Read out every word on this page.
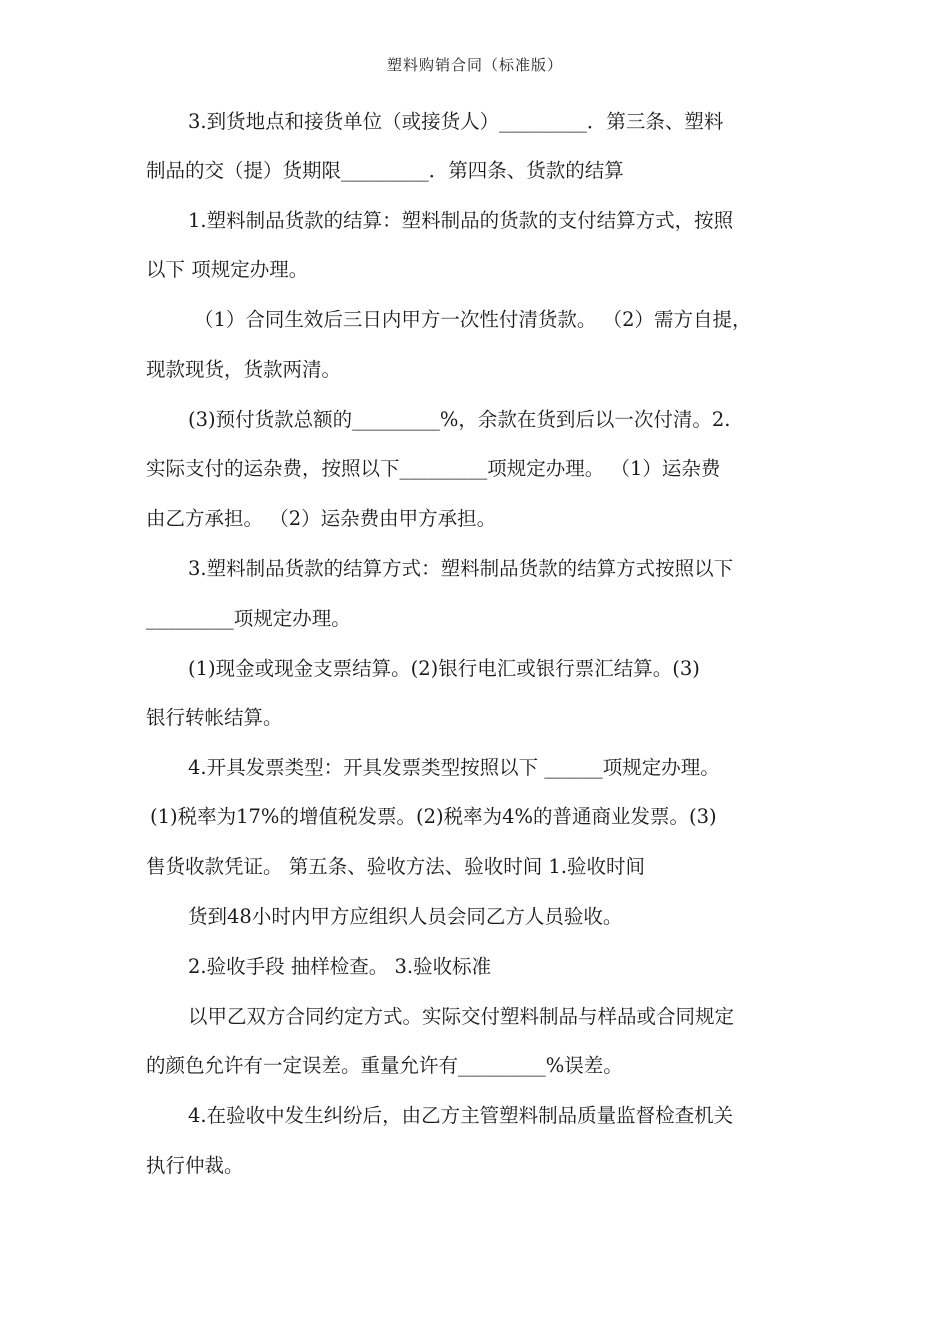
塑料购销合同（标准版）
3.到货地点和接货单位（或接货人）_________．第三条、塑料
制品的交（提）货期限_________．第四条、货款的结算
1.塑料制品货款的结算：塑料制品的货款的支付结算方式，按照
以下 项规定办理。
（1）合同生效后三日内甲方一次性付清货款。 （2）需方自提，
现款现货，货款两清。
(3)预付货款总额的_________%，余款在货到后以一次付清。2.
实际支付的运杂费，按照以下_________项规定办理。 （1）运杂费
由乙方承担。 （2）运杂费由甲方承担。
3.塑料制品货款的结算方式：塑料制品货款的结算方式按照以下
_________项规定办理。
(1)现金或现金支票结算。(2)银行电汇或银行票汇结算。(3)
银行转帐结算。
4.开具发票类型：开具发票类型按照以下 ______项规定办理。
(1)税率为17%的增值税发票。(2)税率为4%的普通商业发票。(3)
售货收款凭证。 第五条、验收方法、验收时间 1.验收时间
货到48小时内甲方应组织人员会同乙方人员验收。
2.验收手段 抽样检查。 3.验收标准
以甲乙双方合同约定方式。实际交付塑料制品与样品或合同规定
的颜色允许有一定误差。重量允许有_________%误差。
4.在验收中发生纠纷后，由乙方主管塑料制品质量监督检查机关
执行仲裁。
